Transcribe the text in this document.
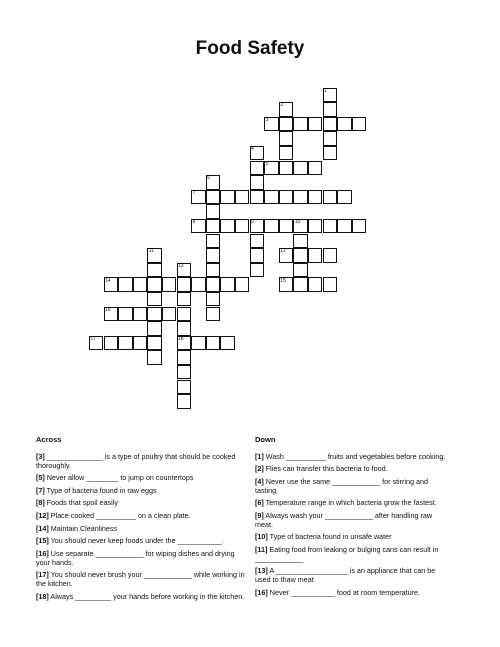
Food Safety
1
2
3
4
5
6
7
8	9	10
11	12
13
14	15
16
17	18
Across
[3] ______________ is a type of poultry that should be cooked thoroughly.
[5] Never allow ________ to jump on countertops
[7] Type of bacteria found in raw eggs
[8] Foods that spoil easily
[12] Place cooked __________ on a clean plate.
[14] Maintain Cleanliness
[15] You should never keep foods under the ___________.
[16] Use separate ____________ for wiping dishes and drying your hands.
[17] You should never brush your ____________ while working in the kitchen.
[18] Always _________ your hands before working in the kitchen.
Down
[1] Wash __________ fruits and vegetables before cooking.
[2] Flies can transfer this bacteria to food.
[4] Never use the same ____________ for stirring and tasting.
[6] Temperature range in which bacteria grow the fastest.
[9] Always wash your ____________ after handling raw meat.
[10] Type of bacteria found in unsafe water
[11] Eating food from leaking or bulging cans can result in ____________
[13] A __________________ is an appliance that can be used to thaw meat
[16] Never ___________ food at room temperature.
